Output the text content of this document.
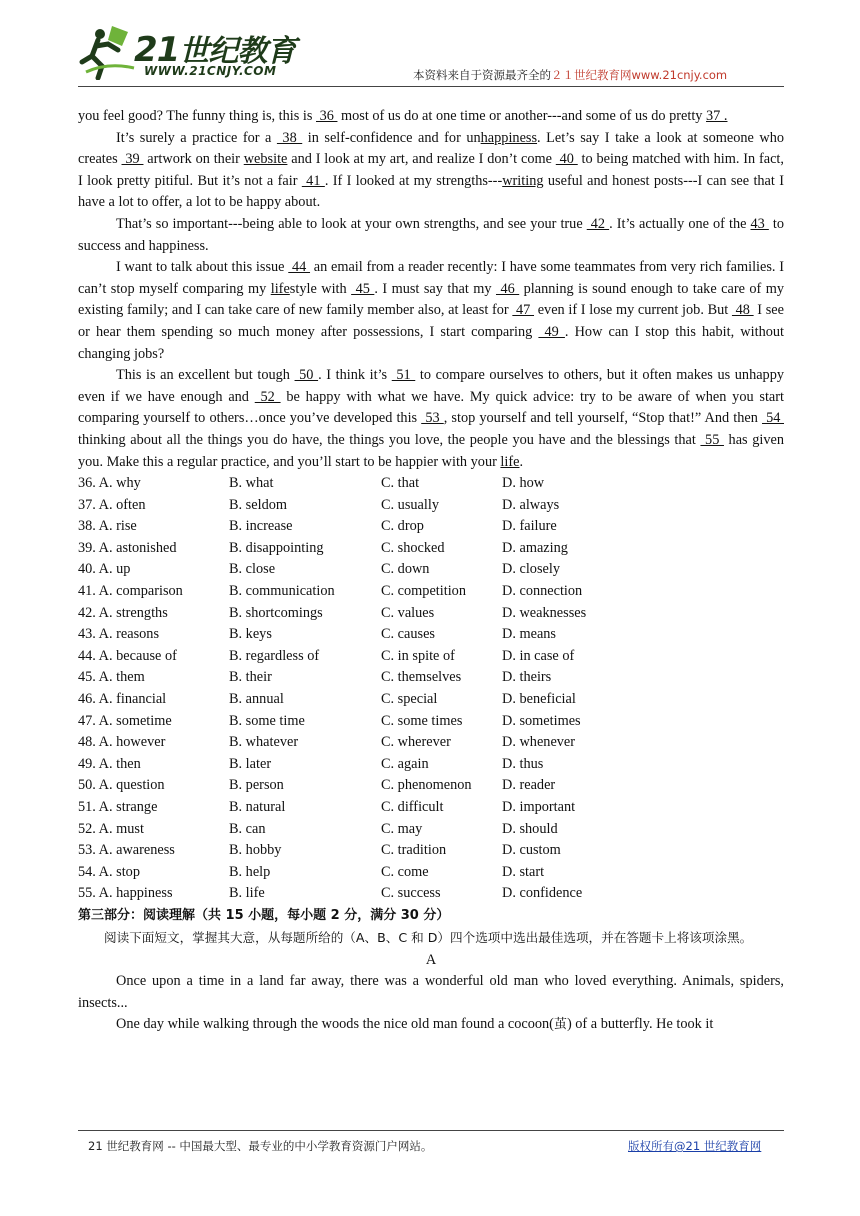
21世纪教育
WWW.21CNJY.COM	本资料来自于资源最齐全的２１世纪教育网www.21cnjy.com

you feel good? The funny thing is, this is  36  most of us do at one time or another---and some of us do pretty 37 .

It’s surely a practice for a  38  in self-confidence and for unhappiness. Let’s say I take a look at someone who creates  39  artwork on their website and I look at my art, and realize I don’t come  40  to being matched with him. In fact, I look pretty pitiful. But it’s not a fair  41 . If I looked at my strengths---writing useful and honest posts---I can see that I have a lot to offer, a lot to be happy about.

That’s so important---being able to look at your own strengths, and see your true  42 . It’s actually one of the 43  to success and happiness.

I want to talk about this issue  44  an email from a reader recently: I have some teammates from very rich families. I can’t stop myself comparing my lifestyle with  45 . I must say that my  46  planning is sound enough to take care of my existing family; and I can take care of new family member also, at least for  47  even if I lose my current job. But  48  I see or hear them spending so much money after possessions, I start comparing  49 . How can I stop this habit, without changing jobs?

This is an excellent but tough  50 . I think it’s  51  to compare ourselves to others, but it often makes us unhappy even if we have enough and  52  be happy with what we have. My quick advice: try to be aware of when you start comparing yourself to others…once you’ve developed this  53 , stop yourself and tell yourself, “Stop that!” And then  54  thinking about all the things you do have, the things you love, the people you have and the blessings that  55  has given you. Make this a regular practice, and you’ll start to be happier with your life.

36. A. why	B. what	C. that	D. how
37. A. often	B. seldom	C. usually	D. always
38. A. rise	B. increase	C. drop	D. failure
39. A. astonished	B. disappointing	C. shocked	D. amazing
40. A. up	B. close	C. down	D. closely
41. A. comparison	B. communication	C. competition	D. connection
42. A. strengths	B. shortcomings	C. values	D. weaknesses
43. A. reasons	B. keys	C. causes	D. means
44. A. because of	B. regardless of	C. in spite of	D. in case of
45. A. them	B. their	C. themselves	D. theirs
46. A. financial	B. annual	C. special	D. beneficial
47. A. sometime	B. some time	C. some times	D. sometimes
48. A. however	B. whatever	C. wherever	D. whenever
49. A. then	B. later	C. again	D. thus
50. A. question	B. person	C. phenomenon	D. reader
51. A. strange	B. natural	C. difficult	D. important
52. A. must	B. can	C. may	D. should
53. A. awareness	B. hobby	C. tradition	D. custom
54. A. stop	B. help	C. come	D. start
55. A. happiness	B. life	C. success	D. confidence
第三部分：阅读理解（共 15 小题，每小题 2 分，满分 30 分）

阅读下面短文，掌握其大意，从每题所给的（A、B、C 和 D）四个选项中选出最佳选项，并在答题卡上将该项涂黑。

A

Once upon a time in a land far away, there was a wonderful old man who loved everything. Animals, spiders, insects...

One day while walking through the woods the nice old man found a cocoon(茧) of a butterfly. He took it

21 世纪教育网 -- 中国最大型、最专业的中小学教育资源门户网站。	版权所有@21 世纪教育网
